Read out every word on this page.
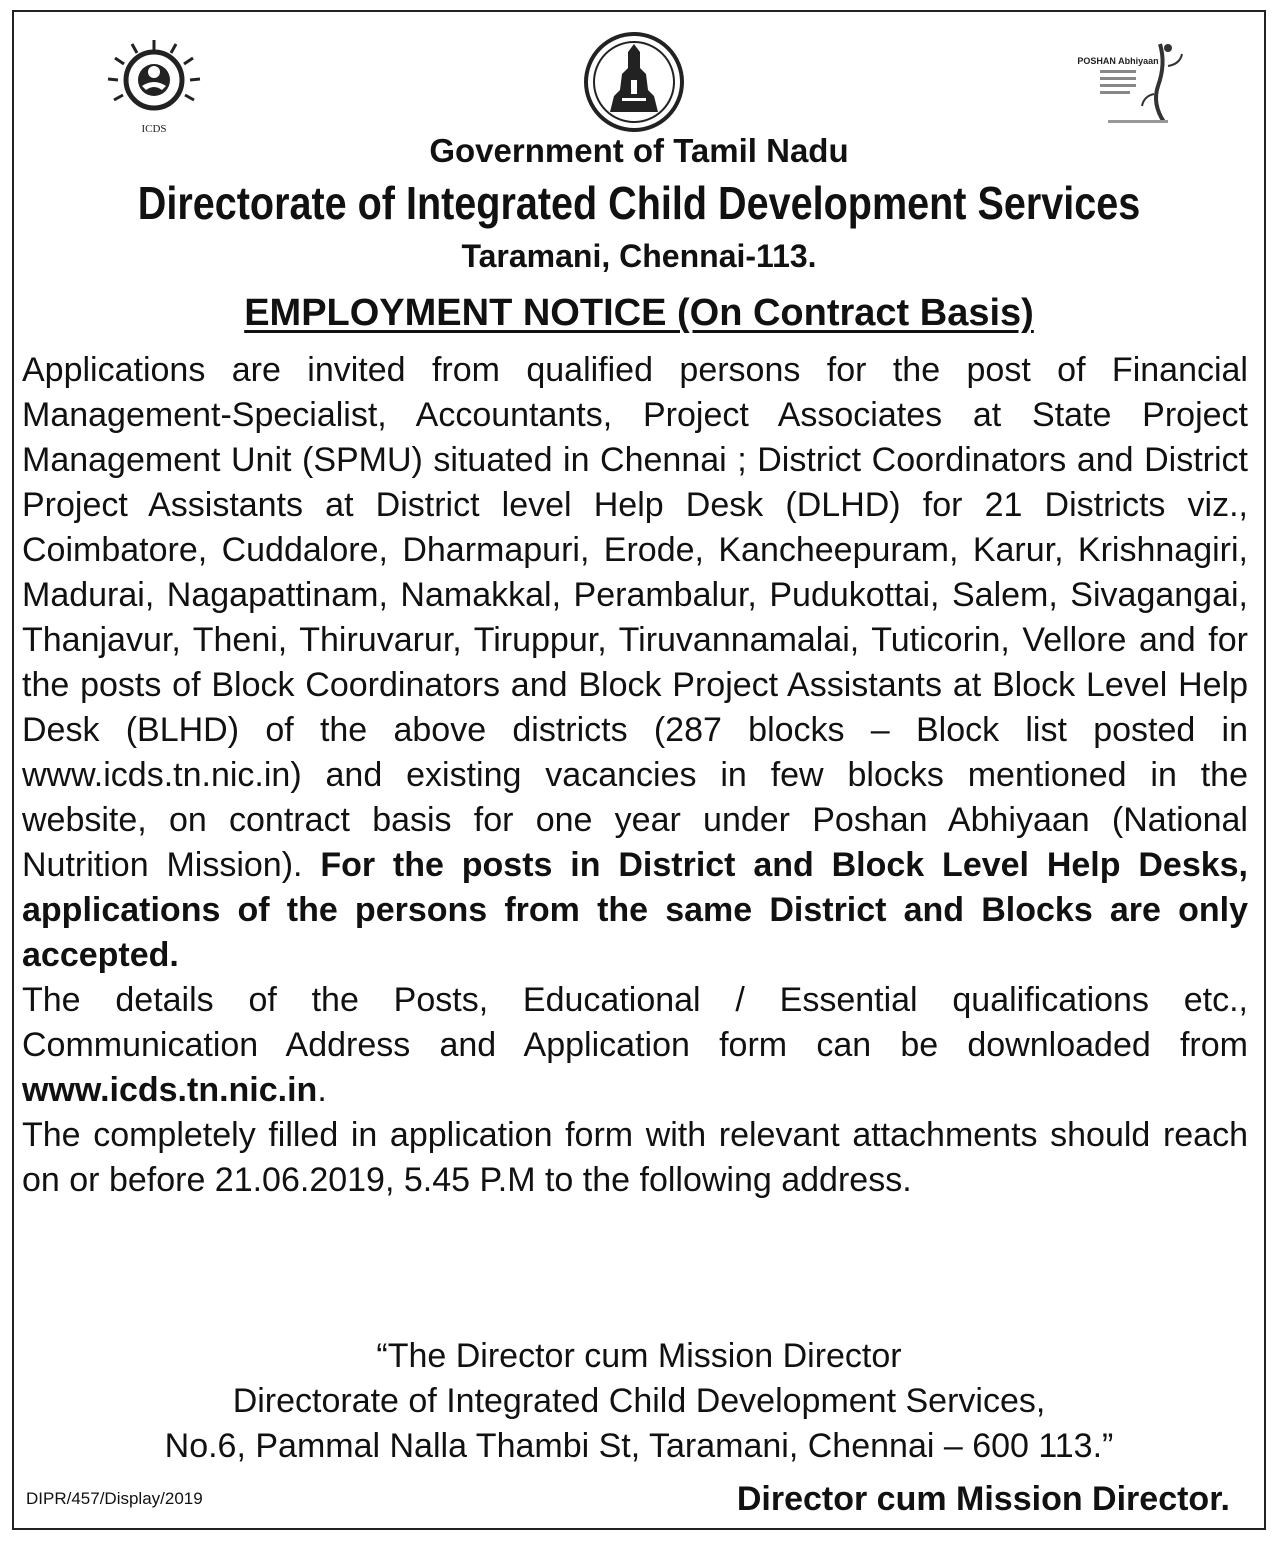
ICDS
POSHAN Abhiyaan
Government of Tamil Nadu
Directorate of Integrated Child Development Services
Taramani, Chennai-113.
EMPLOYMENT NOTICE (On Contract Basis)

Applications are invited from qualified persons for the post of Financial Management-Specialist, Accountants, Project Associates at State Project Management Unit (SPMU) situated in Chennai ; District Coordinators and District Project Assistants at District level Help Desk (DLHD) for 21 Districts viz., Coimbatore, Cuddalore, Dharmapuri, Erode, Kancheepuram, Karur, Krishnagiri, Madurai, Nagapattinam, Namakkal, Perambalur, Pudukottai, Salem, Sivagangai, Thanjavur, Theni, Thiruvarur, Tiruppur, Tiruvannamalai, Tuticorin, Vellore and for the posts of Block Coordinators and Block Project Assistants at Block Level Help Desk (BLHD) of the above districts (287 blocks – Block list posted in www.icds.tn.nic.in) and existing vacancies in few blocks mentioned in the website, on contract basis for one year under Poshan Abhiyaan (National Nutrition Mission). For the posts in District and Block Level Help Desks, applications of the persons from the same District and Blocks are only accepted.

The details of the Posts, Educational / Essential qualifications etc., Communication Address and Application form can be downloaded from www.icds.tn.nic.in.

The completely filled in application form with relevant attachments should reach on or before 21.06.2019, 5.45 P.M to the following address.

“The Director cum Mission Director
Directorate of Integrated Child Development Services,
No.6, Pammal Nalla Thambi St, Taramani, Chennai – 600 113.”
DIPR/457/Display/2019	Director cum Mission Director.
